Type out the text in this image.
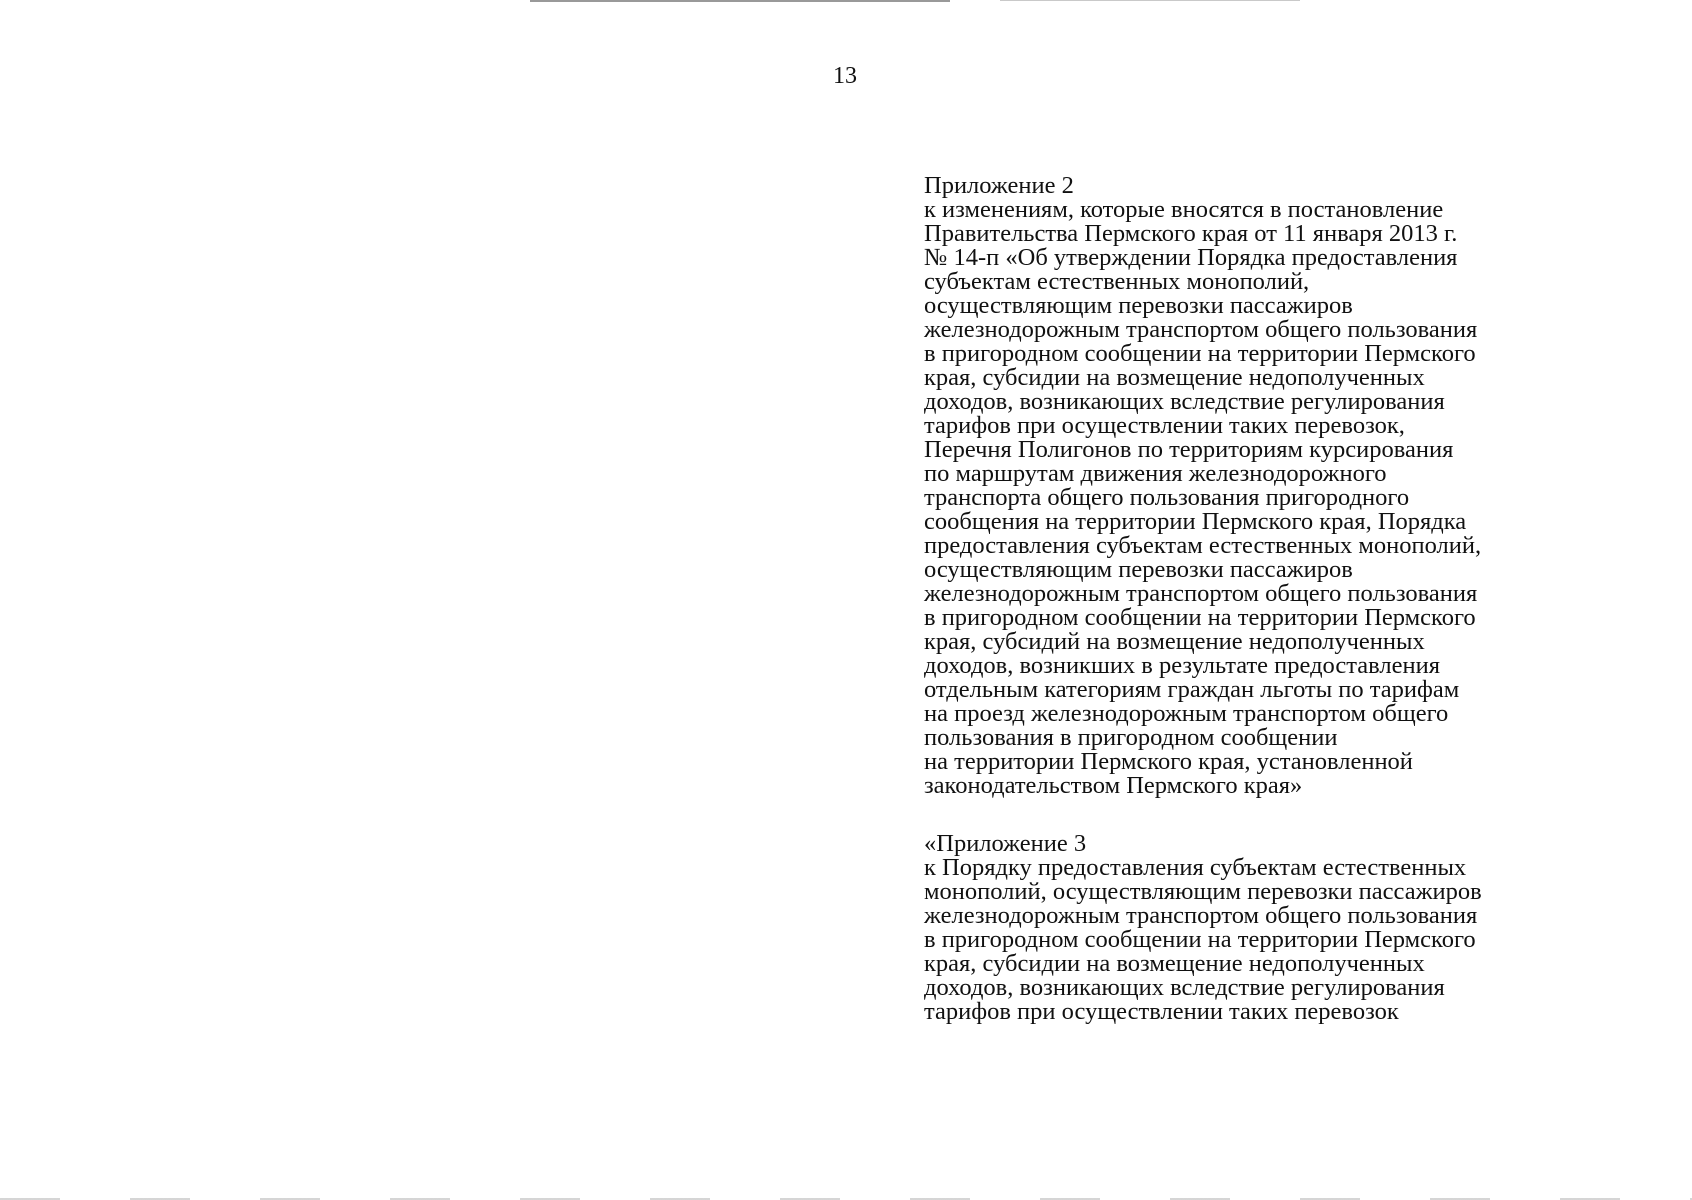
13
Приложение 2
к изменениям, которые вносятся в постановление
Правительства Пермского края от 11 января 2013 г.
№ 14-п «Об утверждении Порядка предоставления
субъектам естественных монополий,
осуществляющим перевозки пассажиров
железнодорожным транспортом общего пользования
в пригородном сообщении на территории Пермского
края, субсидии на возмещение недополученных
доходов, возникающих вследствие регулирования
тарифов при осуществлении таких перевозок,
Перечня Полигонов по территориям курсирования
по маршрутам движения железнодорожного
транспорта общего пользования пригородного
сообщения на территории Пермского края, Порядка
предоставления субъектам естественных монополий,
осуществляющим перевозки пассажиров
железнодорожным транспортом общего пользования
в пригородном сообщении на территории Пермского
края, субсидий на возмещение недополученных
доходов, возникших в результате предоставления
отдельным категориям граждан льготы по тарифам
на проезд железнодорожным транспортом общего
пользования в пригородном сообщении
на территории Пермского края, установленной
законодательством Пермского края»
«Приложение 3
к Порядку предоставления субъектам естественных
монополий, осуществляющим перевозки пассажиров
железнодорожным транспортом общего пользования
в пригородном сообщении на территории Пермского
края, субсидии на возмещение недополученных
доходов, возникающих вследствие регулирования
тарифов при осуществлении таких перевозок
